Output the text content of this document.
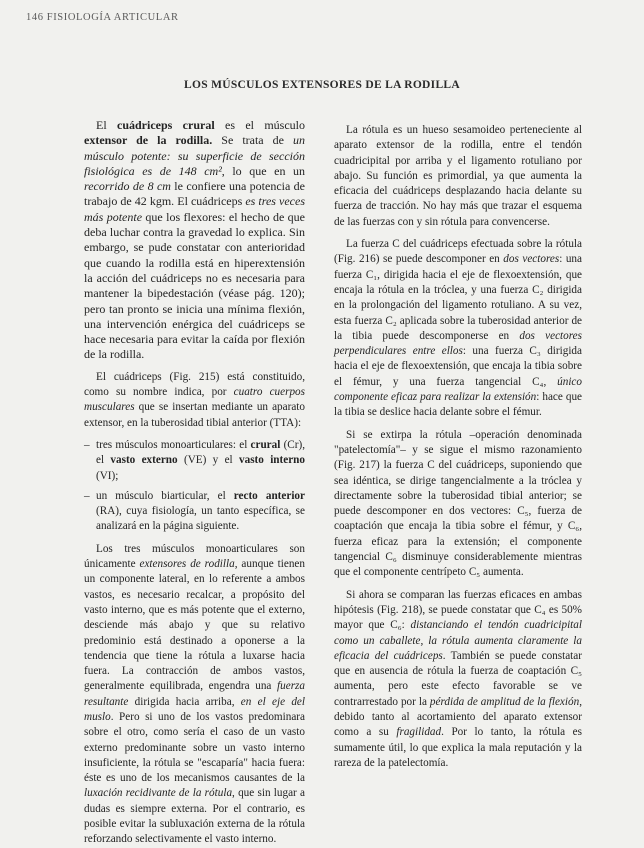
146 FISIOLOGÍA ARTICULAR
LOS MÚSCULOS EXTENSORES DE LA RODILLA

El cuádriceps crural es el músculo extensor de la rodilla. Se trata de un músculo potente: su superficie de sección fisiológica es de 148 cm², lo que en un recorrido de 8 cm le confiere una potencia de trabajo de 42 kgm. El cuádriceps es tres veces más potente que los flexores: el hecho de que deba luchar contra la gravedad lo explica. Sin embargo, se pude constatar con anterioridad que cuando la rodilla está en hiperextensión la acción del cuádriceps no es necesaria para mantener la bipedestación (véase pág. 120); pero tan pronto se inicia una mínima flexión, una intervención enérgica del cuádriceps se hace necesaria para evitar la caída por flexión de la rodilla.

El cuádriceps (Fig. 215) está constituido, como su nombre indica, por cuatro cuerpos musculares que se insertan mediante un aparato extensor, en la tuberosidad tibial anterior (TTA):

– tres músculos monoarticulares: el crural (Cr), el vasto externo (VE) y el vasto interno (VI);
– un músculo biarticular, el recto anterior (RA), cuya fisiología, un tanto específica, se analizará en la página siguiente.

Los tres músculos monoarticulares son únicamente extensores de rodilla, aunque tienen un componente lateral, en lo referente a ambos vastos, es necesario recalcar, a propósito del vasto interno, que es más potente que el externo, desciende más abajo y que su relativo predominio está destinado a oponerse a la tendencia que tiene la rótula a luxarse hacia fuera. La contracción de ambos vastos, generalmente equilibrada, engendra una fuerza resultante dirigida hacia arriba, en el eje del muslo. Pero si uno de los vastos predominara sobre el otro, como sería el caso de un vasto externo predominante sobre un vasto interno insuficiente, la rótula se "escaparía" hacia fuera: éste es uno de los mecanismos causantes de la luxación recidivante de la rótula, que sin lugar a dudas es siempre externa. Por el contrario, es posible evitar la subluxación externa de la rótula reforzando selectivamente el vasto interno.

La rótula es un hueso sesamoideo perteneciente al aparato extensor de la rodilla, entre el tendón cuadricipital por arriba y el ligamento rotuliano por abajo. Su función es primordial, ya que aumenta la eficacia del cuádriceps desplazando hacia delante su fuerza de tracción. No hay más que trazar el esquema de las fuerzas con y sin rótula para convencerse.

La fuerza C del cuádriceps efectuada sobre la rótula (Fig. 216) se puede descomponer en dos vectores: una fuerza C₁, dirigida hacia el eje de flexoextensión, que encaja la rótula en la tróclea, y una fuerza C₂ dirigida en la prolongación del ligamento rotuliano. A su vez, esta fuerza C₂ aplicada sobre la tuberosidad anterior de la tibia puede descomponerse en dos vectores perpendiculares entre ellos: una fuerza C₃ dirigida hacia el eje de flexoextensión, que encaja la tibia sobre el fémur, y una fuerza tangencial C₄, único componente eficaz para realizar la extensión: hace que la tibia se deslice hacia delante sobre el fémur.

Si se extirpa la rótula –operación denominada "patelectomía"– y se sigue el mismo razonamiento (Fig. 217) la fuerza C del cuádriceps, suponiendo que sea idéntica, se dirige tangencialmente a la tróclea y directamente sobre la tuberosidad tibial anterior; se puede descomponer en dos vectores: C₅, fuerza de coaptación que encaja la tibia sobre el fémur, y C₆, fuerza eficaz para la extensión; el componente tangencial C₆ disminuye considerablemente mientras que el componente centrípeto C₅ aumenta.

Si ahora se comparan las fuerzas eficaces en ambas hipótesis (Fig. 218), se puede constatar que C₄ es 50% mayor que C₆: distanciando el tendón cuadricipital como un caballete, la rótula aumenta claramente la eficacia del cuádriceps. También se puede constatar que en ausencia de rótula la fuerza de coaptación C₅ aumenta, pero este efecto favorable se ve contrarrestado por la pérdida de amplitud de la flexión, debido tanto al acortamiento del aparato extensor como a su fragilidad. Por lo tanto, la rótula es sumamente útil, lo que explica la mala reputación y la rareza de la patelectomía.
